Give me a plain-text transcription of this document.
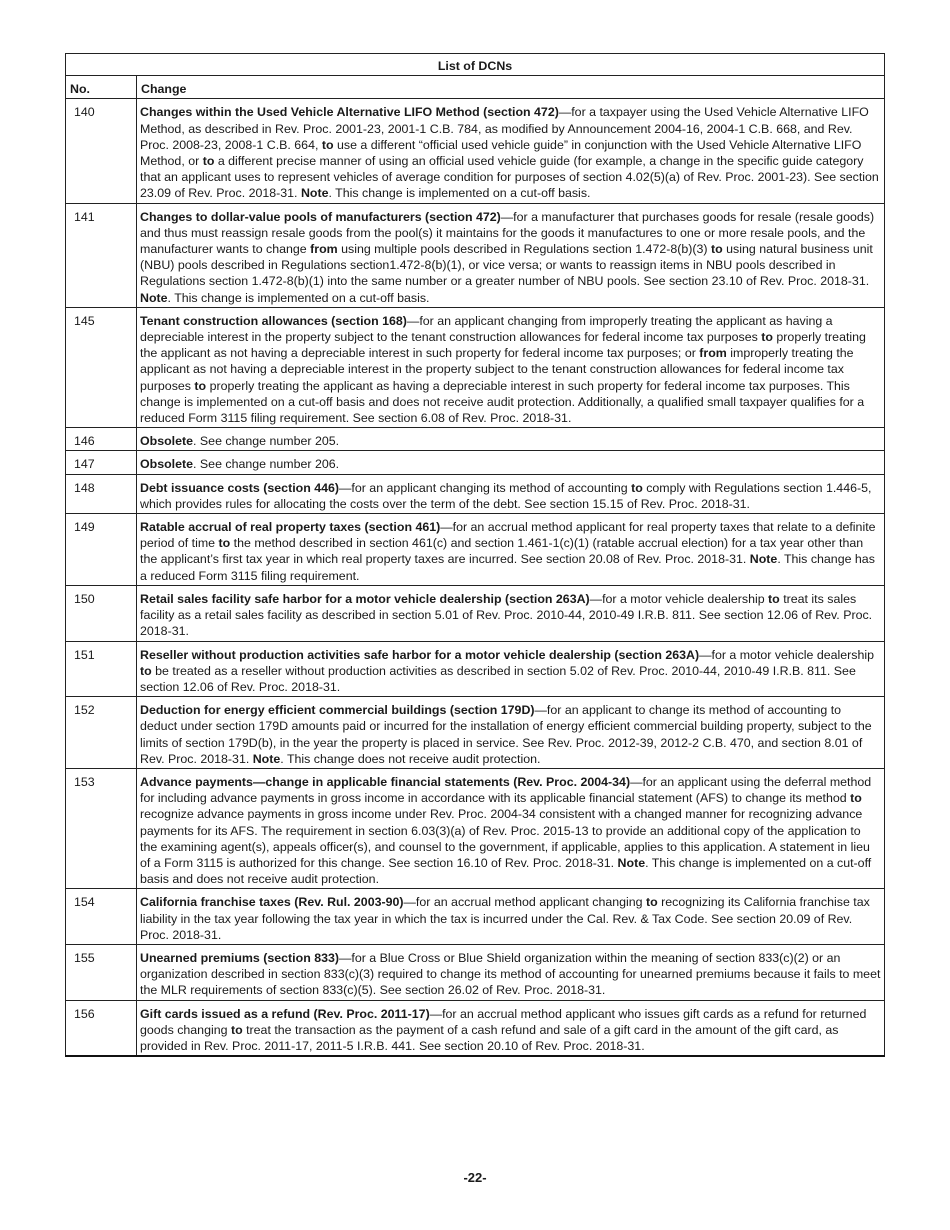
List of DCNs	
No.	Change
140	Changes within the Used Vehicle Alternative LIFO Method (section 472)—for a taxpayer using the Used Vehicle Alternative LIFO Method, as described in Rev. Proc. 2001-23, 2001-1 C.B. 784, as modified by Announcement 2004-16, 2004-1 C.B. 668, and Rev. Proc. 2008-23, 2008-1 C.B. 664, to use a different “official used vehicle guide” in conjunction with the Used Vehicle Alternative LIFO Method, or to a different precise manner of using an official used vehicle guide (for example, a change in the specific guide category that an applicant uses to represent vehicles of average condition for purposes of section 4.02(5)(a) of Rev. Proc. 2001-23). See section 23.09 of Rev. Proc. 2018-31. Note. This change is implemented on a cut-off basis.
141	Changes to dollar-value pools of manufacturers (section 472)—for a manufacturer that purchases goods for resale (resale goods) and thus must reassign resale goods from the pool(s) it maintains for the goods it manufactures to one or more resale pools, and the manufacturer wants to change from using multiple pools described in Regulations section 1.472-8(b)(3) to using natural business unit (NBU) pools described in Regulations section1.472-8(b)(1), or vice versa; or wants to reassign items in NBU pools described in Regulations section 1.472-8(b)(1) into the same number or a greater number of NBU pools. See section 23.10 of Rev. Proc. 2018-31. Note. This change is implemented on a cut-off basis.
145	Tenant construction allowances (section 168)—for an applicant changing from improperly treating the applicant as having a depreciable interest in the property subject to the tenant construction allowances for federal income tax purposes to properly treating the applicant as not having a depreciable interest in such property for federal income tax purposes; or from improperly treating the applicant as not having a depreciable interest in the property subject to the tenant construction allowances for federal income tax purposes to properly treating the applicant as having a depreciable interest in such property for federal income tax purposes. This change is implemented on a cut-off basis and does not receive audit protection. Additionally, a qualified small taxpayer qualifies for a reduced Form 3115 filing requirement. See section 6.08 of Rev. Proc. 2018-31.
146	Obsolete. See change number 205.
147	Obsolete. See change number 206.
148	Debt issuance costs (section 446)—for an applicant changing its method of accounting to comply with Regulations section 1.446-5, which provides rules for allocating the costs over the term of the debt. See section 15.15 of Rev. Proc. 2018-31.
149	Ratable accrual of real property taxes (section 461)—for an accrual method applicant for real property taxes that relate to a definite period of time to the method described in section 461(c) and section 1.461-1(c)(1) (ratable accrual election) for a tax year other than the applicant’s first tax year in which real property taxes are incurred. See section 20.08 of Rev. Proc. 2018-31. Note. This change has a reduced Form 3115 filing requirement.
150	Retail sales facility safe harbor for a motor vehicle dealership (section 263A)—for a motor vehicle dealership to treat its sales facility as a retail sales facility as described in section 5.01 of Rev. Proc. 2010-44, 2010-49 I.R.B. 811. See section 12.06 of Rev. Proc. 2018-31.
151	Reseller without production activities safe harbor for a motor vehicle dealership (section 263A)—for a motor vehicle dealership to be treated as a reseller without production activities as described in section 5.02 of Rev. Proc. 2010-44, 2010-49 I.R.B. 811. See section 12.06 of Rev. Proc. 2018-31.
152	Deduction for energy efficient commercial buildings (section 179D)—for an applicant to change its method of accounting to deduct under section 179D amounts paid or incurred for the installation of energy efficient commercial building property, subject to the limits of section 179D(b), in the year the property is placed in service. See Rev. Proc. 2012-39, 2012-2 C.B. 470, and section 8.01 of Rev. Proc. 2018-31. Note. This change does not receive audit protection.
153	Advance payments—change in applicable financial statements (Rev. Proc. 2004-34)—for an applicant using the deferral method for including advance payments in gross income in accordance with its applicable financial statement (AFS) to change its method to recognize advance payments in gross income under Rev. Proc. 2004-34 consistent with a changed manner for recognizing advance payments for its AFS. The requirement in section 6.03(3)(a) of Rev. Proc. 2015-13 to provide an additional copy of the application to the examining agent(s), appeals officer(s), and counsel to the government, if applicable, applies to this application. A statement in lieu of a Form 3115 is authorized for this change. See section 16.10 of Rev. Proc. 2018-31. Note. This change is implemented on a cut-off basis and does not receive audit protection.
154	California franchise taxes (Rev. Rul. 2003-90)—for an accrual method applicant changing to recognizing its California franchise tax liability in the tax year following the tax year in which the tax is incurred under the Cal. Rev. & Tax Code. See section 20.09 of Rev. Proc. 2018-31.
155	Unearned premiums (section 833)—for a Blue Cross or Blue Shield organization within the meaning of section 833(c)(2) or an organization described in section 833(c)(3) required to change its method of accounting for unearned premiums because it fails to meet the MLR requirements of section 833(c)(5). See section 26.02 of Rev. Proc. 2018-31.
156	Gift cards issued as a refund (Rev. Proc. 2011-17)—for an accrual method applicant who issues gift cards as a refund for returned goods changing to treat the transaction as the payment of a cash refund and sale of a gift card in the amount of the gift card, as provided in Rev. Proc. 2011-17, 2011-5 I.R.B. 441. See section 20.10 of Rev. Proc. 2018-31.
-22-
